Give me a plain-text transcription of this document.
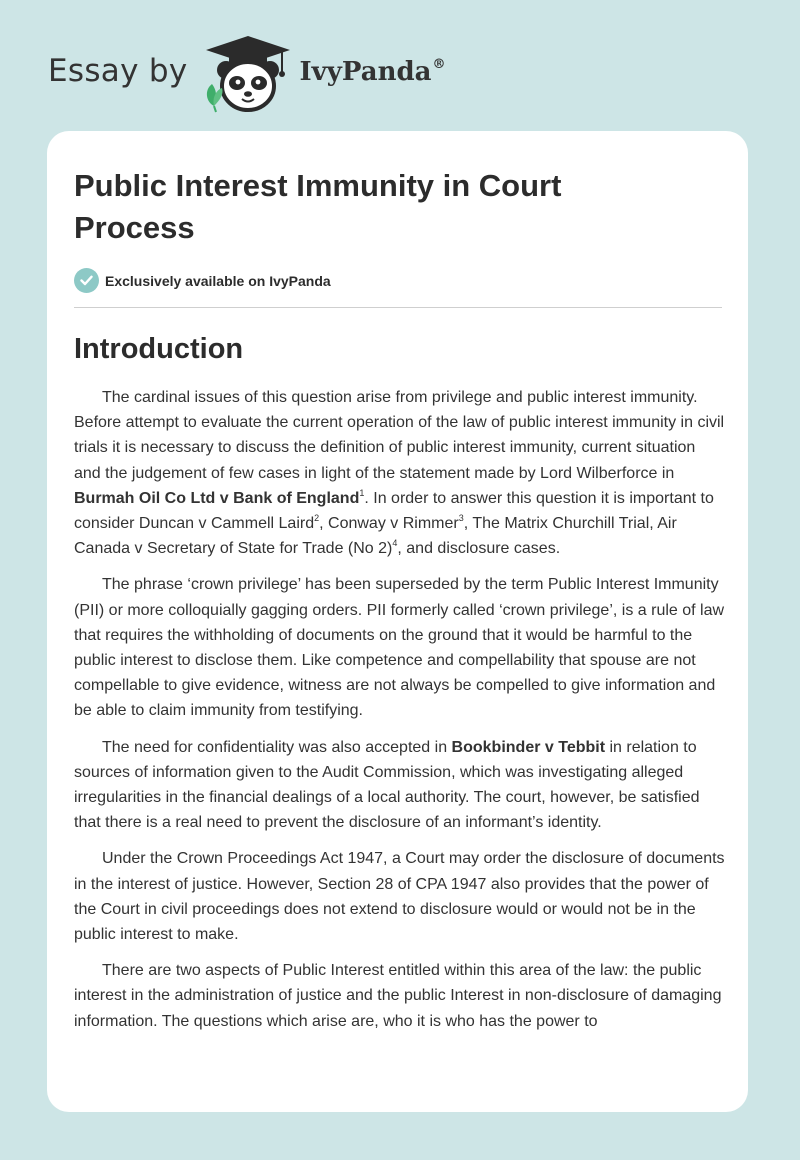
Essay by	IvyPanda®
Public Interest Immunity in Court Process
Exclusively available on IvyPanda
Introduction

The cardinal issues of this question arise from privilege and public interest immunity. Before attempt to evaluate the current operation of the law of public interest immunity in civil trials it is necessary to discuss the definition of public interest immunity, current situation and the judgement of few cases in light of the statement made by Lord Wilberforce in Burmah Oil Co Ltd v Bank of England$^1$. In order to answer this question it is important to consider Duncan v Cammell Laird$^2$, Conway v Rimmer$^3$, The Matrix Churchill Trial, Air Canada v Secretary of State for Trade (No 2)$^4$, and disclosure cases.

The phrase ‘crown privilege’ has been superseded by the term Public Interest Immunity (PII) or more colloquially gagging orders. PII formerly called ‘crown privilege’, is a rule of law that requires the withholding of documents on the ground that it would be harmful to the public interest to disclose them. Like competence and compellability that spouse are not compellable to give evidence, witness are not always be compelled to give information and be able to claim immunity from testifying.

The need for confidentiality was also accepted in Bookbinder v Tebbit in relation to sources of information given to the Audit Commission, which was investigating alleged irregularities in the financial dealings of a local authority. The court, however, be satisfied that there is a real need to prevent the disclosure of an informant’s identity.

Under the Crown Proceedings Act 1947, a Court may order the disclosure of documents in the interest of justice. However, Section 28 of CPA 1947 also provides that the power of the Court in civil proceedings does not extend to disclosure would or would not be in the public interest to make.

There are two aspects of Public Interest entitled within this area of the law: the public interest in the administration of justice and the public Interest in non-disclosure of damaging information. The questions which arise are, who it is who has the power to
